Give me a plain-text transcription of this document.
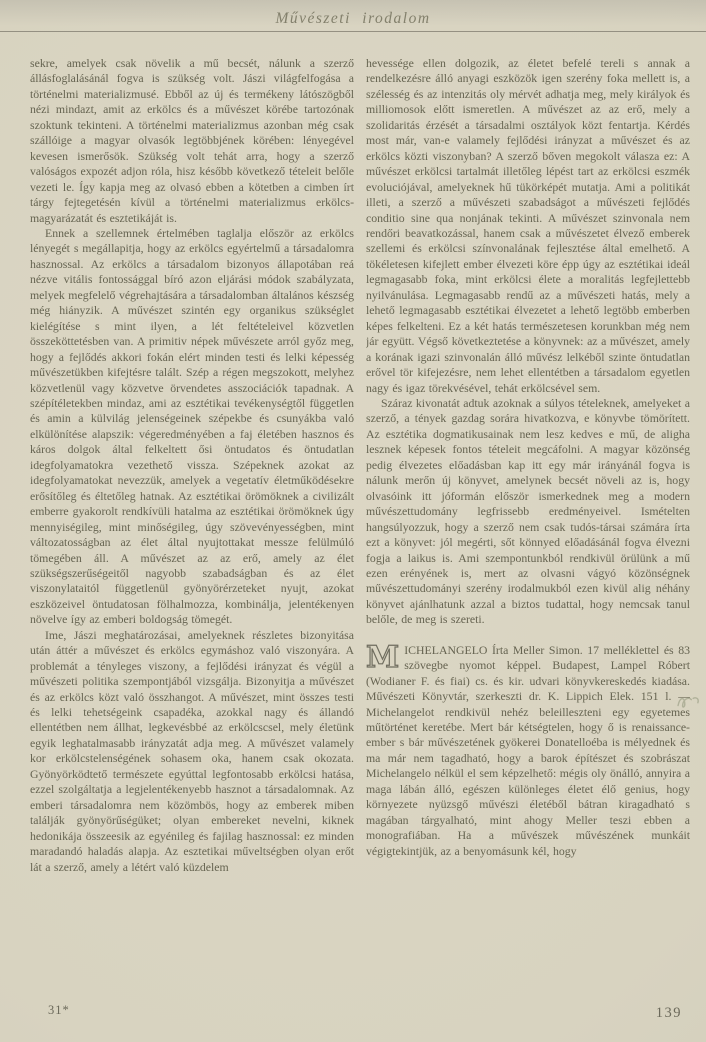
Művészeti irodalom

sekre, amelyek csak növelik a mű becsét, nálunk a szerző állásfoglalásánál fogva is szükség volt. Jászi világfelfogása a történelmi materializmusé. Ebből az új és termékeny látószögből nézi mindazt, amit az erkölcs és a művészet körébe tartozónak szoktunk tekinteni. A történelmi materializmus azonban még csak szállóige a magyar olvasók legtöbbjének körében: lényegével kevesen ismerősök. Szükség volt tehát arra, hogy a szerző valóságos expozét adjon róla, hisz később következő tételeit belőle vezeti le. Így kapja meg az olvasó ebben a kötetben a cimben írt tárgy fejtegetésén kívül a történelmi materializmus erkölcs-magyarázatát és esztetikáját is.

Ennek a szellemnek értelmében taglalja először az erkölcs lényegét s megállapitja, hogy az erkölcs egyértelmű a társadalomra hasznossal. Az erkölcs a társadalom bizonyos állapotában reá nézve vitális fontossággal bíró azon eljárási módok szabályzata, melyek megfelelő végrehajtására a társadalomban általános készség még hiányzik. A művészet szintén egy organikus szükséglet kielégítése s mint ilyen, a lét feltételeivel közvetlen összeköttetésben van. A primitiv népek művészete arról győz meg, hogy a fejlődés akkori fokán elért minden testi és lelki képesség művészetükben kifejtésre talált. Szép a régen megszokott, melyhez közvetlenül vagy közvetve örvendetes asszociációk tapadnak. A szépítéletekben mindaz, ami az esztétikai tevékenységtől független és amin a külvilág jelenségeinek szépekbe és csunyákba való elkülönítése alapszik: végeredményében a faj életében hasznos és káros dolgok által felkeltett ősi öntudatos és öntudatlan idegfolyamatokra vezethető vissza. Szépeknek azokat az idegfolyamatokat nevezzük, amelyek a vegetatív életműködésekre erősítőleg és éltetőleg hatnak. Az esztétikai örömöknek a civilizált emberre gyakorolt rendkívüli hatalma az esztétikai örömöknek úgy mennyiségileg, mint minőségileg, úgy szövevényességben, mint változatosságban az élet által nyujtottakat messze felülmúló tömegében áll. A művészet az az erő, amely az élet szükségszerűségeitől nagyobb szabadságban és az élet viszonylataitól függetlenül gyönyörérzeteket nyujt, azokat eszközeivel öntudatosan fölhalmozza, kombinálja, jelentékenyen növelve így az emberi boldogság tömegét.

Ime, Jászi meghatározásai, amelyeknek részletes bizonyitása után áttér a művészet és erkölcs egymáshoz való viszonyára. A problemát a tényleges viszony, a fejlődési irányzat és végül a művészeti politika szempontjából vizsgálja. Bizonyitja a művészet és az erkölcs közt való összhangot. A művészet, mint összes testi és lelki tehetségeink csapadéka, azokkal nagy és állandó ellentétben nem állhat, legkevésbbé az erkölcscsel, mely életünk egyik leghatalmasabb irányzatát adja meg. A művészet valamely kor erkölcstelenségének sohasem oka, hanem csak okozata. Gyönyörködtető természete egyúttal legfontosabb erkölcsi hatása, ezzel szolgáltatja a legjelentékenyebb hasznot a társadalomnak. Az emberi társadalomra nem közömbös, hogy az emberek miben találják gyönyörűségüket; olyan embereket nevelni, kiknek hedonikája összeesik az egyénileg és fajilag hasznossal: ez minden maradandó haladás alapja. Az esztetikai műveltségben olyan erőt lát a szerző, amely a létért való küzdelem

hevessége ellen dolgozik, az életet befelé tereli s annak a rendelkezésre álló anyagi eszközök igen szerény foka mellett is, a szélesség és az intenzitás oly mérvét adhatja meg, mely királyok és milliomosok előtt ismeretlen. A művészet az az erő, mely a szolidaritás érzését a társadalmi osztályok közt fentartja. Kérdés most már, van-e valamely fejlődési irányzat a művészet és az erkölcs közti viszonyban? A szerző bőven megokolt válasza ez: A művészet erkölcsi tartalmát illetőleg lépést tart az erkölcsi eszmék evoluciójával, amelyeknek hű tükörképét mutatja. Ami a politikát illeti, a szerző a művészeti szabadságot a művészeti fejlődés conditio sine qua nonjának tekinti. A művészet szinvonala nem rendőri beavatkozással, hanem csak a művészetet élvező emberek szellemi és erkölcsi színvonalának fejlesztése által emelhető. A tökéletesen kifejlett ember élvezeti köre épp úgy az esztétikai ideál legmagasabb foka, mint erkölcsi élete a moralitás legfejlettebb nyilvánulása. Legmagasabb rendű az a művészeti hatás, mely a lehető legmagasabb esztétikai élvezetet a lehető legtöbb emberben képes felkelteni. Ez a két hatás természetesen korunkban még nem jár együtt. Végső következtetése a könyvnek: az a művészet, amely a korának igazi szinvonalán álló művész lelkéből szinte öntudatlan erővel tör kifejezésre, nem lehet ellentétben a társadalom egyetlen nagy és igaz törekvésével, tehát erkölcsével sem.

Száraz kivonatát adtuk azoknak a súlyos tételeknek, amelyeket a szerző, a tények gazdag sorára hivatkozva, e könyvbe tömörített. Az esztétika dogmatikusainak nem lesz kedves e mű, de aligha lesznek képesek fontos tételeit megcáfolni. A magyar közönség pedig élvezetes előadásban kap itt egy már irányánál fogva is nálunk merőn új könyvet, amelynek becsét növeli az is, hogy olvasóink itt jóformán először ismerkednek meg a modern művészettudomány legfrissebb eredményeivel. Ismételten hangsúlyozzuk, hogy a szerző nem csak tudós-társai számára írta ezt a könyvet: jól megérti, sőt könnyed előadásánál fogva élvezni fogja a laikus is. Ami szempontunkból rendkivül örülünk a mű ezen erényének is, mert az olvasni vágyó közönségnek művészettudományi szerény irodalmukból ezen kivül alig néhány könyvet ajánlhatunk azzal a biztos tudattal, hogy nemcsak tanul belőle, de meg is szereti.

MICHELANGELO Írta Meller Simon. 17 melléklettel és 83 szövegbe nyomot képpel. Budapest, Lampel Róbert (Wodianer F. és fiai) cs. és kir. udvari könyvkereskedés kiadása. Művészeti Könyvtár, szerkeszti dr. K. Lippich Elek. 151 l. — Michelangelot rendkivül nehéz beleilleszteni egy egyetemes műtörténet keretébe. Mert bár kétségtelen, hogy ő is renaissance-ember s bár művészetének gyökerei Donatelloéba is mélyednek és ma már nem tagadható, hogy a barok építészet és szobrászat Michelangelo nélkül el sem képzelhető: mégis oly önálló, annyira a maga lábán álló, egészen különleges életet élő genius, hogy környezete nyüzsgő művészi életéből bátran kiragadható s magában tárgyalható, mint ahogy Meller teszi ebben a monografiában. Ha a művészek művészének munkáit végigtekintjük, az a benyomásunk kél, hogy

31*	139
